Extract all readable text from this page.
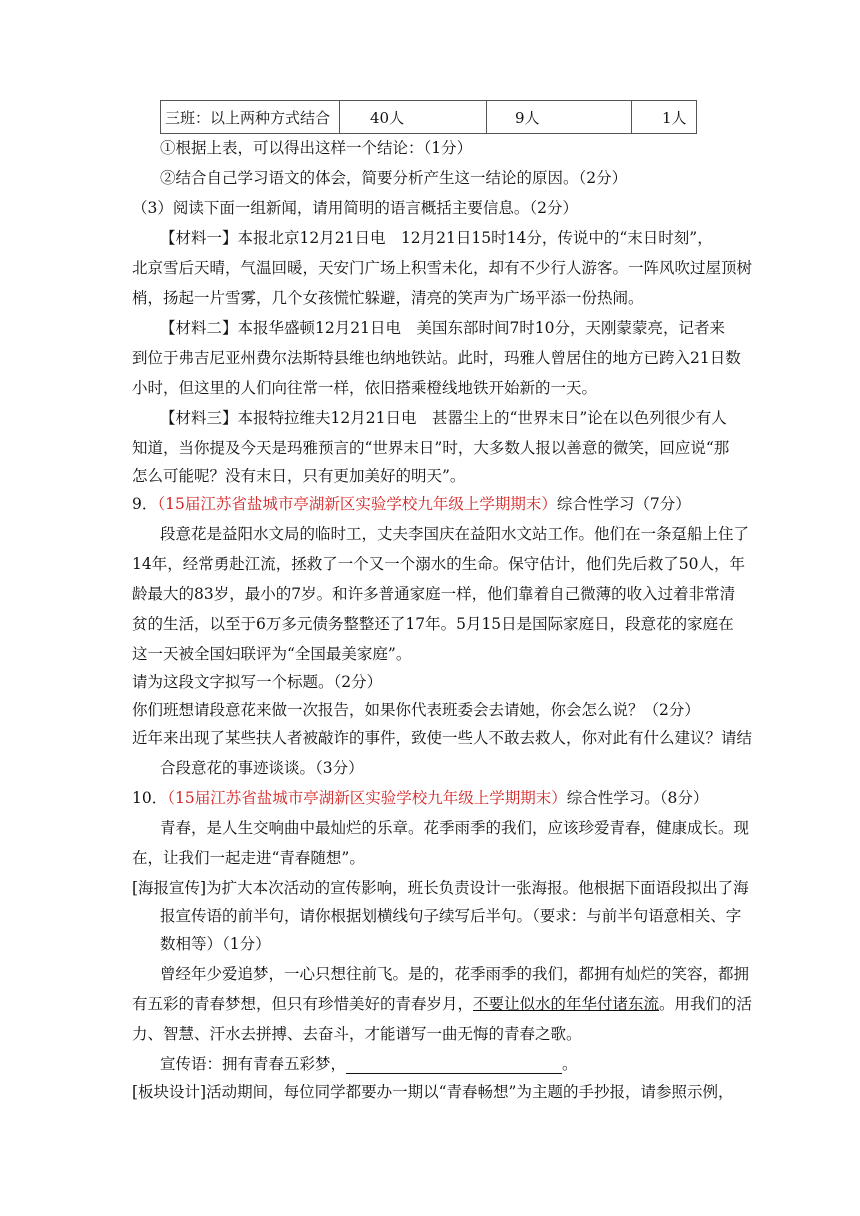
三班：以上两种方式结合	40人	9人	1人
①根据上表，可以得出这样一个结论：（1分）
②结合自己学习语文的体会，简要分析产生这一结论的原因。（2分）
（3）阅读下面一组新闻，请用简明的语言概括主要信息。（2分）
【材料一】本报北京12月21日电　12月21日15时14分，传说中的“末日时刻”，
北京雪后天晴，气温回暖，天安门广场上积雪未化，却有不少行人游客。一阵风吹过屋顶树
梢，扬起一片雪雾，几个女孩慌忙躲避，清亮的笑声为广场平添一份热闹。
【材料二】本报华盛顿12月21日电　美国东部时间7时10分，天刚蒙蒙亮，记者来
到位于弗吉尼亚州费尔法斯特县维也纳地铁站。此时，玛雅人曾居住的地方已跨入21日数
小时，但这里的人们向往常一样，依旧搭乘橙线地铁开始新的一天。
【材料三】本报特拉维夫12月21日电　甚嚣尘上的“世界末日”论在以色列很少有人
知道，当你提及今天是玛雅预言的“世界末日”时，大多数人报以善意的微笑，回应说“那
怎么可能呢？没有末日，只有更加美好的明天”。
9．（15届江苏省盐城市亭湖新区实验学校九年级上学期期末）综合性学习（7分）
段意花是益阳水文局的临时工，丈夫李国庆在益阳水文站工作。他们在一条趸船上住了
14年，经常勇赴江流，拯救了一个又一个溺水的生命。保守估计，他们先后救了50人，年
龄最大的83岁，最小的7岁。和许多普通家庭一样，他们靠着自己微薄的收入过着非常清
贫的生活，以至于6万多元债务整整还了17年。5月15日是国际家庭日，段意花的家庭在
这一天被全国妇联评为“全国最美家庭”。
请为这段文字拟写一个标题。（2分）
你们班想请段意花来做一次报告，如果你代表班委会去请她，你会怎么说？（2分）
近年来出现了某些扶人者被敲诈的事件，致使一些人不敢去救人，你对此有什么建议？请结
合段意花的事迹谈谈。（3分）
10．（15届江苏省盐城市亭湖新区实验学校九年级上学期期末）综合性学习。（8分）
青春，是人生交响曲中最灿烂的乐章。花季雨季的我们，应该珍爱青春，健康成长。现
在，让我们一起走进“青春随想”。
[海报宣传]为扩大本次活动的宣传影响，班长负责设计一张海报。他根据下面语段拟出了海
报宣传语的前半句，请你根据划横线句子续写后半句。（要求：与前半句语意相关、字
数相等）（1分）
曾经年少爱追梦，一心只想往前飞。是的，花季雨季的我们，都拥有灿烂的笑容，都拥
有五彩的青春梦想，但只有珍惜美好的青春岁月，不要让似水的年华付诸东流。用我们的活
力、智慧、汗水去拼搏、去奋斗，才能谱写一曲无悔的青春之歌。
宣传语：拥有青春五彩梦，	。
[板块设计]活动期间，每位同学都要办一期以“青春畅想”为主题的手抄报，请参照示例，
